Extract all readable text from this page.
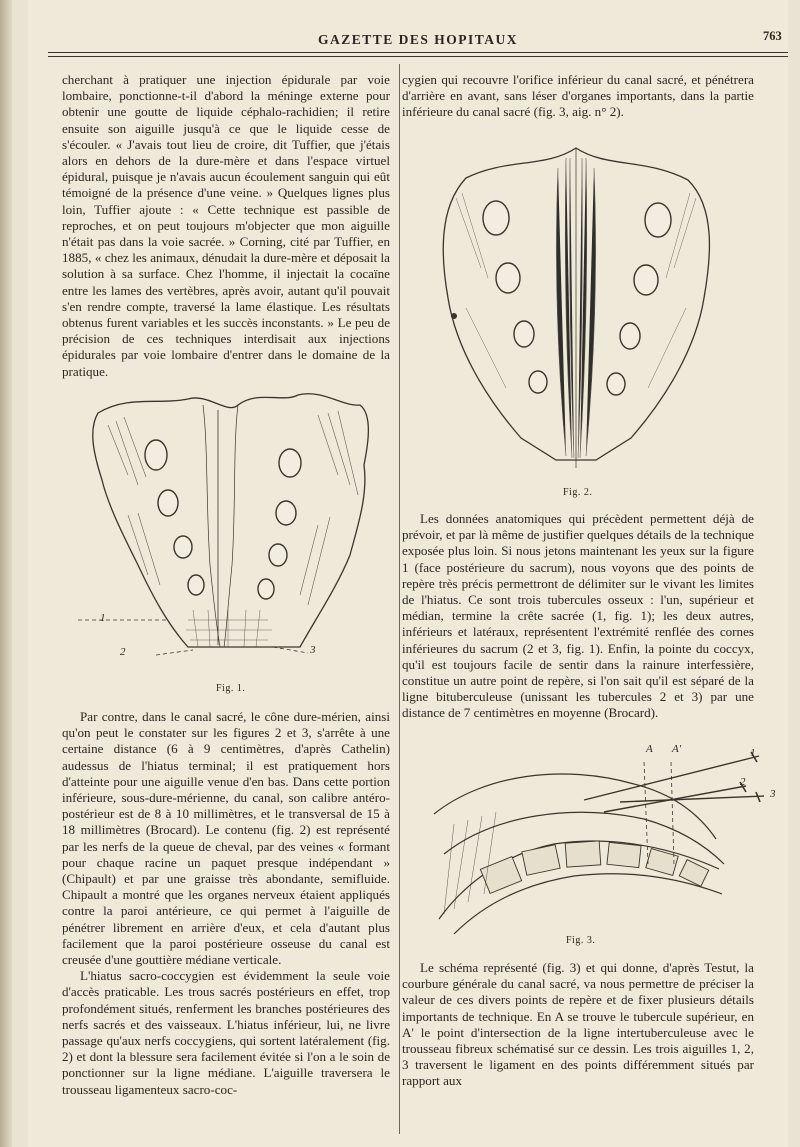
GAZETTE DES HOPITAUX	763

cherchant à pratiquer une injection épidurale par voie lombaire, ponctionne-t-il d'abord la méninge externe pour obtenir une goutte de liquide céphalo-rachidien; il retire ensuite son aiguille jusqu'à ce que le liquide cesse de s'écouler. « J'avais tout lieu de croire, dit Tuffier, que j'étais alors en dehors de la dure-mère et dans l'espace virtuel épidural, puisque je n'avais aucun écoulement sanguin qui eût témoigné de la présence d'une veine. » Quelques lignes plus loin, Tuffier ajoute : « Cette technique est passible de reproches, et on peut toujours m'objecter que mon aiguille n'était pas dans la voie sacrée. » Corning, cité par Tuffier, en 1885, « chez les animaux, dénudait la dure-mère et déposait la solution à sa surface. Chez l'homme, il injectait la cocaïne entre les lames des vertèbres, après avoir, autant qu'il pouvait s'en rendre compte, traversé la lame élastique. Les résultats obtenus furent variables et les succès inconstants. » Le peu de précision de ces techniques interdisait aux injections épidurales par voie lombaire d'entrer dans le domaine de la pratique.

1
2	3
Fig. 1.

Par contre, dans le canal sacré, le cône dure-mérien, ainsi qu'on peut le constater sur les figures 2 et 3, s'arrête à une certaine distance (6 à 9 centimètres, d'après Cathelin) audessus de l'hiatus terminal; il est pratiquement hors d'atteinte pour une aiguille venue d'en bas. Dans cette portion inférieure, sous-dure-mérienne, du canal, son calibre antéro-postérieur est de 8 à 10 millimètres, et le transversal de 15 à 18 millimètres (Brocard). Le contenu (fig. 2) est représenté par les nerfs de la queue de cheval, par des veines « formant pour chaque racine un paquet presque indépendant » (Chipault) et par une graisse très abondante, semifluide. Chipault a montré que les organes nerveux étaient appliqués contre la paroi antérieure, ce qui permet à l'aiguille de pénétrer librement en arrière d'eux, et cela d'autant plus facilement que la paroi postérieure osseuse du canal est creusée d'une gouttière médiane verticale.

L'hiatus sacro-coccygien est évidemment la seule voie d'accès praticable. Les trous sacrés postérieurs en effet, trop profondément situés, renferment les branches postérieures des nerfs sacrés et des vaisseaux. L'hiatus inférieur, lui, ne livre passage qu'aux nerfs coccygiens, qui sortent latéralement (fig. 2) et dont la blessure sera facilement évitée si l'on a le soin de ponctionner sur la ligne médiane. L'aiguille traversera le trousseau ligamenteux sacro-coc-

cygien qui recouvre l'orifice inférieur du canal sacré, et pénétrera d'arrière en avant, sans léser d'organes importants, dans la partie inférieure du canal sacré (fig. 3, aig. n° 2).

Fig. 2.

Les données anatomiques qui précèdent permettent déjà de prévoir, et par là même de justifier quelques détails de la technique exposée plus loin. Si nous jetons maintenant les yeux sur la figure 1 (face postérieure du sacrum), nous voyons que des points de repère très précis permettront de délimiter sur le vivant les limites de l'hiatus. Ce sont trois tubercules osseux : l'un, supérieur et médian, termine la crête sacrée (1, fig. 1); les deux autres, inférieurs et latéraux, représentent l'extrémité renflée des cornes inférieures du sacrum (2 et 3, fig. 1). Enfin, la pointe du coccyx, qu'il est toujours facile de sentir dans la rainure interfessière, constitue un autre point de repère, si l'on sait qu'il est séparé de la ligne bituberculeuse (unissant les tubercules 2 et 3) par une distance de 7 centimètres en moyenne (Brocard).

A A'	1
2
3
Fig. 3.

Le schéma représenté (fig. 3) et qui donne, d'après Testut, la courbure générale du canal sacré, va nous permettre de préciser la valeur de ces divers points de repère et de fixer plusieurs détails importants de technique. En A se trouve le tubercule supérieur, en A' le point d'intersection de la ligne intertuberculeuse avec le trousseau fibreux schématisé sur ce dessin. Les trois aiguilles 1, 2, 3 traversent le ligament en des points différemment situés par rapport aux
